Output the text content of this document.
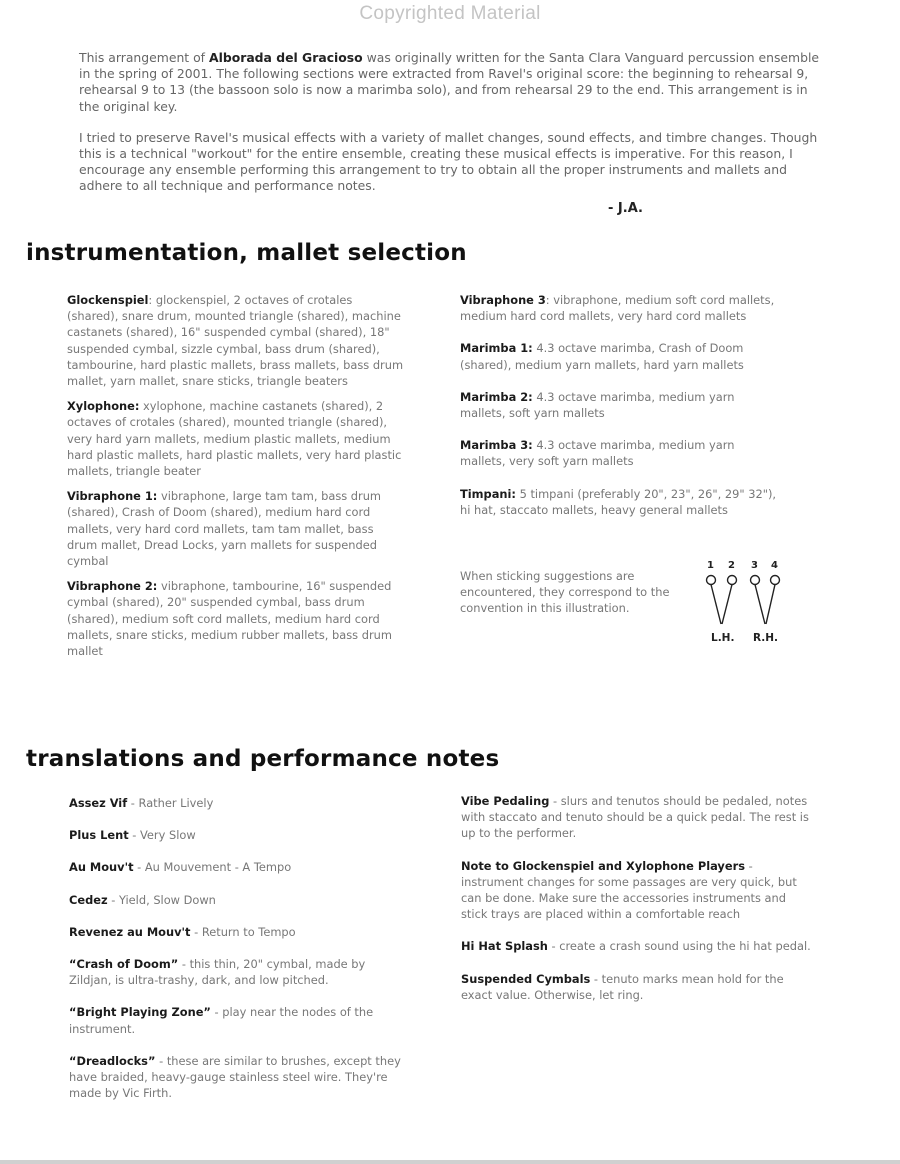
Copyrighted Material

This arrangement of Alborada del Gracioso was originally written for the Santa Clara Vanguard percussion ensemble in the spring of 2001. The following sections were extracted from Ravel's original score: the beginning to rehearsal 9, rehearsal 9 to 13 (the bassoon solo is now a marimba solo), and from rehearsal 29 to the end. This arrangement is in the original key.

I tried to preserve Ravel's musical effects with a variety of mallet changes, sound effects, and timbre changes. Though this is a technical "workout" for the entire ensemble, creating these musical effects is imperative. For this reason, I encourage any ensemble performing this arrangement to try to obtain all the proper instruments and mallets and adhere to all technique and performance notes.

- J.A.
instrumentation, mallet selection

Glockenspiel: glockenspiel, 2 octaves of crotales (shared), snare drum, mounted triangle (shared), machine castanets (shared), 16" suspended cymbal (shared), 18" suspended cymbal, sizzle cymbal, bass drum (shared), tambourine, hard plastic mallets, brass mallets, bass drum mallet, yarn mallet, snare sticks, triangle beaters

Xylophone: xylophone, machine castanets (shared), 2 octaves of crotales (shared), mounted triangle (shared), very hard yarn mallets, medium plastic mallets, medium hard plastic mallets, hard plastic mallets, very hard plastic mallets, triangle beater

Vibraphone 1: vibraphone, large tam tam, bass drum (shared), Crash of Doom (shared), medium hard cord mallets, very hard cord mallets, tam tam mallet, bass drum mallet, Dread Locks, yarn mallets for suspended cymbal

Vibraphone 2: vibraphone, tambourine, 16" suspended cymbal (shared), 20" suspended cymbal, bass drum (shared), medium soft cord mallets, medium hard cord mallets, snare sticks, medium rubber mallets, bass drum mallet

Vibraphone 3: vibraphone, medium soft cord mallets, medium hard cord mallets, very hard cord mallets

Marimba 1: 4.3 octave marimba, Crash of Doom (shared), medium yarn mallets, hard yarn mallets

Marimba 2: 4.3 octave marimba, medium yarn mallets, soft yarn mallets

Marimba 3: 4.3 octave marimba, medium yarn mallets, very soft yarn mallets

Timpani: 5 timpani (preferably 20", 23", 26", 29" 32"), hi hat, staccato mallets, heavy general mallets

When sticking suggestions are encountered, they correspond to the convention in this illustration.
1 2 3 4
L.H. R.H.
translations and performance notes

Assez Vif - Rather Lively

Plus Lent - Very Slow

Au Mouv't - Au Mouvement - A Tempo

Cedez - Yield, Slow Down

Revenez au Mouv't - Return to Tempo

“Crash of Doom” - this thin, 20" cymbal, made by Zildjan, is ultra-trashy, dark, and low pitched.

“Bright Playing Zone” - play near the nodes of the instrument.

“Dreadlocks” - these are similar to brushes, except they have braided, heavy-gauge stainless steel wire. They're made by Vic Firth.

Vibe Pedaling - slurs and tenutos should be pedaled, notes with staccato and tenuto should be a quick pedal. The rest is up to the performer.

Note to Glockenspiel and Xylophone Players - instrument changes for some passages are very quick, but can be done. Make sure the accessories instruments and stick trays are placed within a comfortable reach

Hi Hat Splash - create a crash sound using the hi hat pedal.

Suspended Cymbals - tenuto marks mean hold for the exact value. Otherwise, let ring.
